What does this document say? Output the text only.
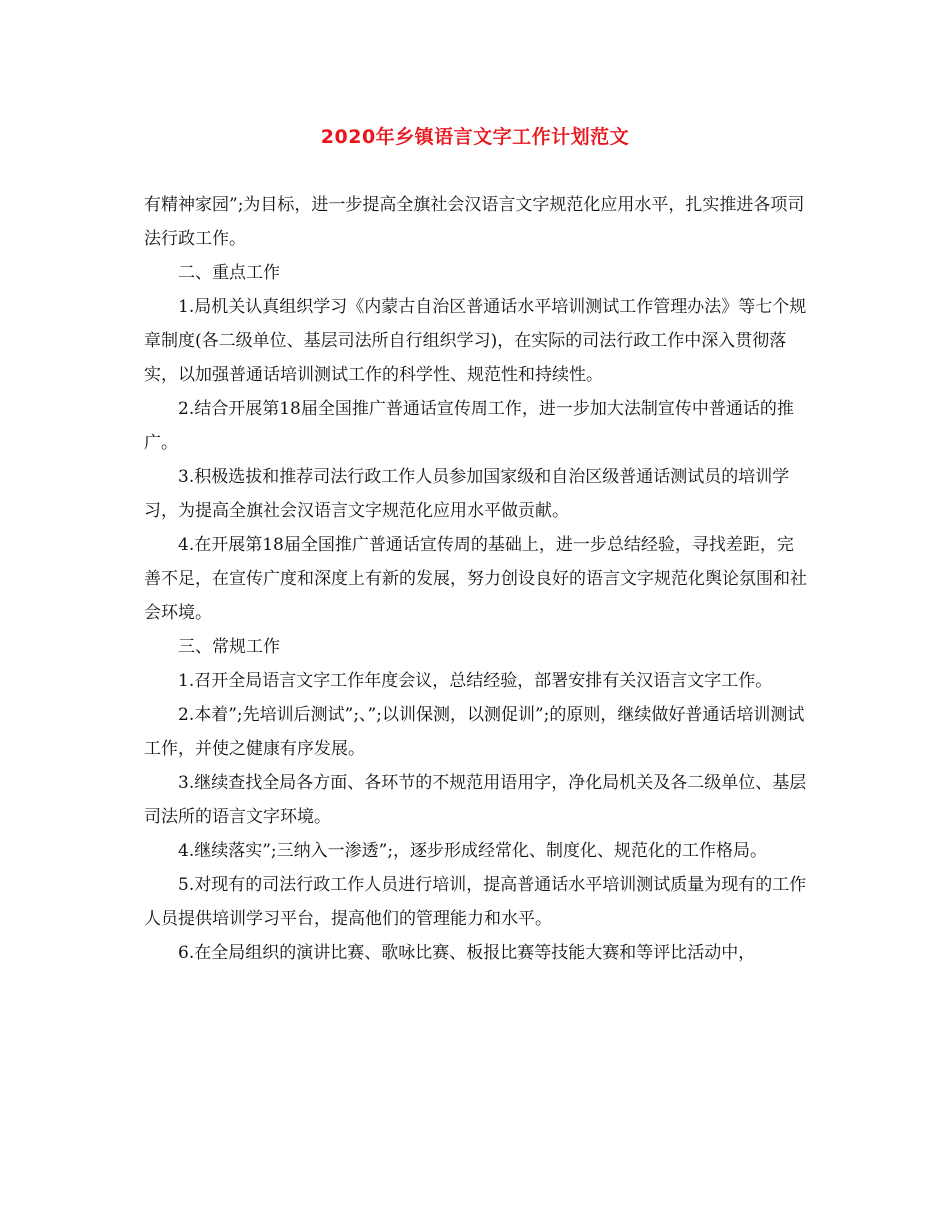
2020年乡镇语言文字工作计划范文

有精神家园”;为目标，进一步提高全旗社会汉语言文字规范化应用水平，扎实推进各项司法行政工作。

二、重点工作

1.局机关认真组织学习《内蒙古自治区普通话水平培训测试工作管理办法》等七个规章制度(各二级单位、基层司法所自行组织学习)，在实际的司法行政工作中深入贯彻落实，以加强普通话培训测试工作的科学性、规范性和持续性。

2.结合开展第18届全国推广普通话宣传周工作，进一步加大法制宣传中普通话的推广。

3.积极选拔和推荐司法行政工作人员参加国家级和自治区级普通话测试员的培训学习，为提高全旗社会汉语言文字规范化应用水平做贡献。

4.在开展第18届全国推广普通话宣传周的基础上，进一步总结经验，寻找差距，完善不足，在宣传广度和深度上有新的发展，努力创设良好的语言文字规范化舆论氛围和社会环境。

三、常规工作

1.召开全局语言文字工作年度会议，总结经验，部署安排有关汉语言文字工作。

2.本着”;先培训后测试”;、”;以训保测，以测促训”;的原则，继续做好普通话培训测试工作，并使之健康有序发展。

3.继续查找全局各方面、各环节的不规范用语用字，净化局机关及各二级单位、基层司法所的语言文字环境。

4.继续落实”;三纳入一渗透”;，逐步形成经常化、制度化、规范化的工作格局。

5.对现有的司法行政工作人员进行培训，提高普通话水平培训测试质量为现有的工作人员提供培训学习平台，提高他们的管理能力和水平。

6.在全局组织的演讲比赛、歌咏比赛、板报比赛等技能大赛和等评比活动中，
